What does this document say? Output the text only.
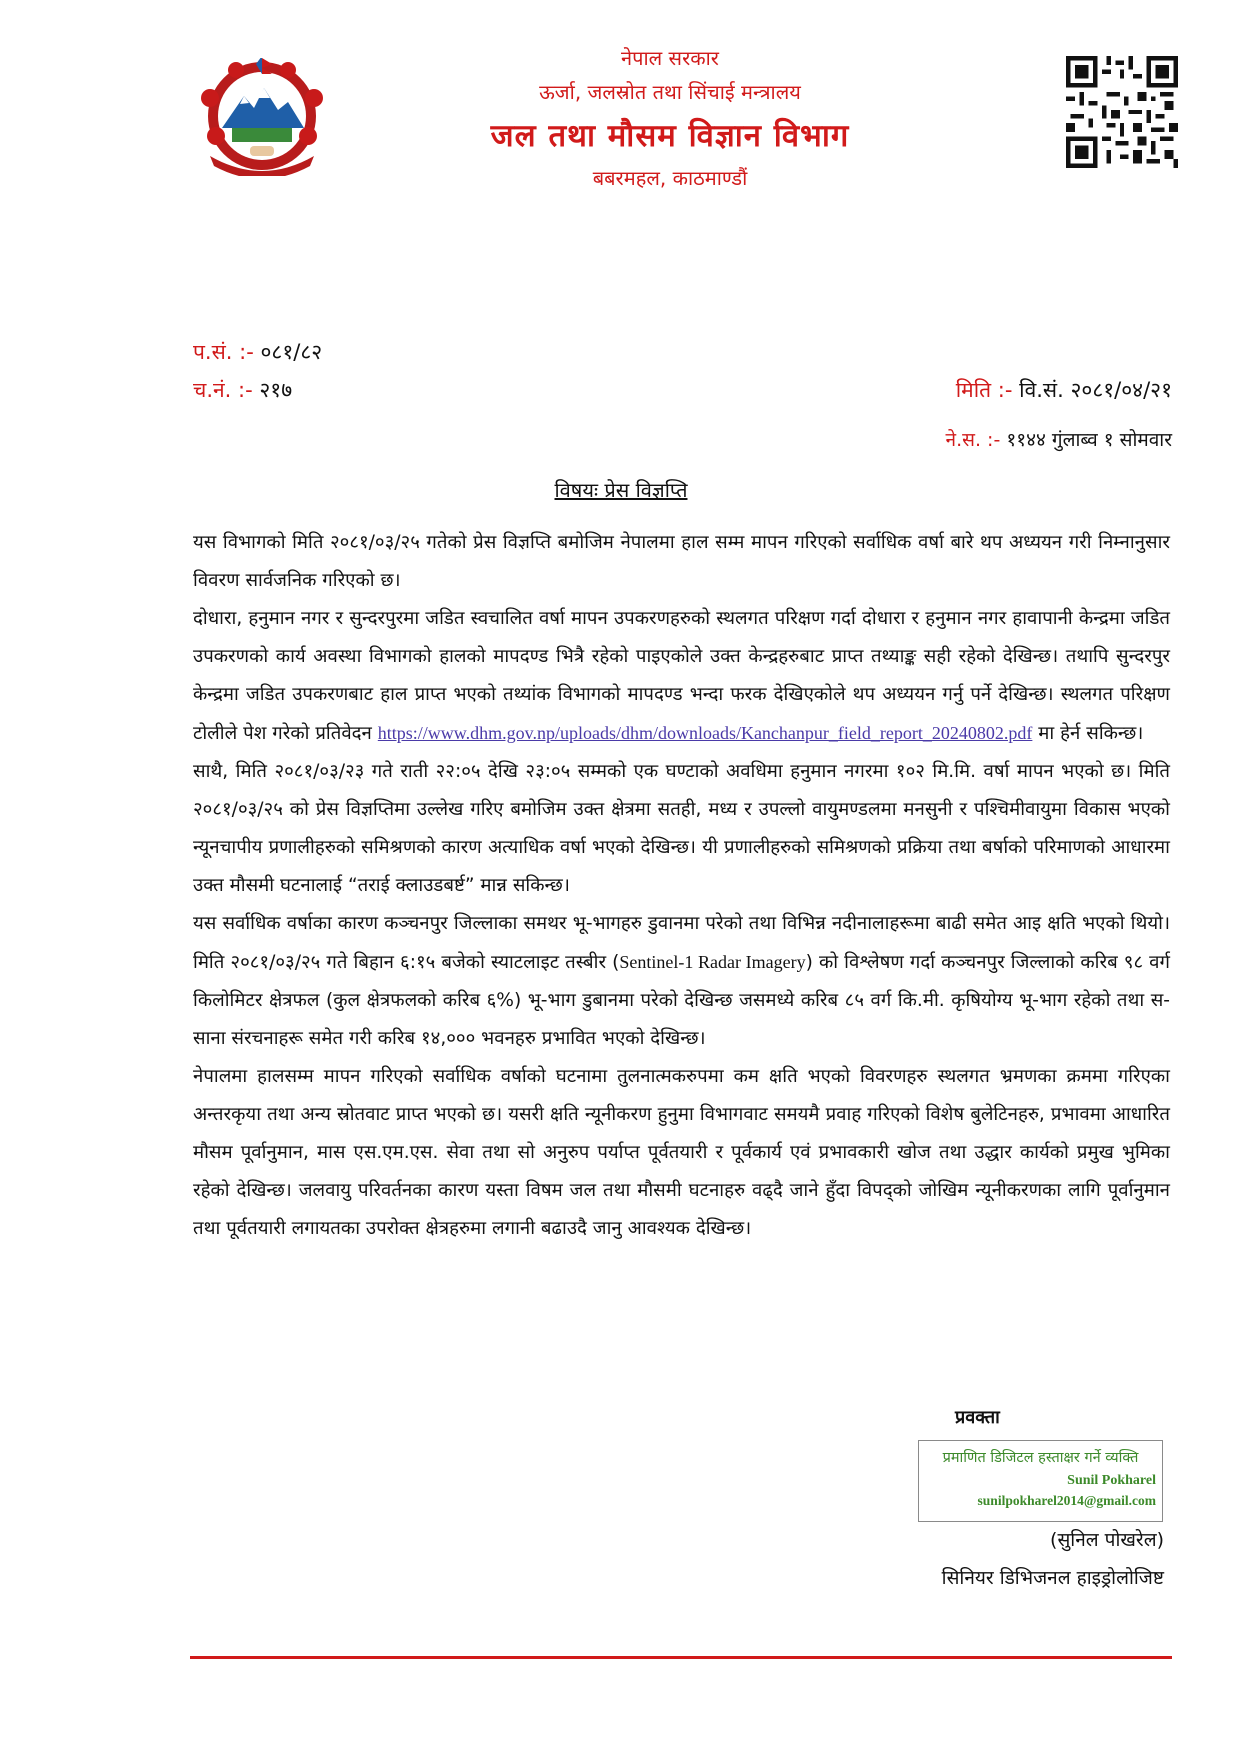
नेपाल सरकार
ऊर्जा, जलस्रोत तथा सिंचाई मन्त्रालय
जल तथा मौसम विज्ञान विभाग
बबरमहल, काठमाण्डौं
प.सं. :- ०८१/८२
च.नं. :- २१७	मिति :- वि.सं. २०८१/०४/२१
ने.स. :- ११४४ गुंलाब्व १ सोमवार
विषयः प्रेस विज्ञप्ति

यस विभागको मिति २०८१/०३/२५ गतेको प्रेस विज्ञप्ति बमोजिम नेपालमा हाल सम्म मापन गरिएको सर्वाधिक वर्षा बारे थप अध्ययन गरी निम्नानुसार विवरण सार्वजनिक गरिएको छ।

दोधारा, हनुमान नगर र सुन्दरपुरमा जडित स्वचालित वर्षा मापन उपकरणहरुको स्थलगत परिक्षण गर्दा दोधारा र हनुमान नगर हावापानी केन्द्रमा जडित उपकरणको कार्य अवस्था विभागको हालको मापदण्ड भित्रै रहेको पाइएकोले उक्त केन्द्रहरुबाट प्राप्त तथ्याङ्क सही रहेको देखिन्छ। तथापि सुन्दरपुर केन्द्रमा जडित उपकरणबाट हाल प्राप्त भएको तथ्यांक विभागको मापदण्ड भन्दा फरक देखिएकोले थप अध्ययन गर्नु पर्ने देखिन्छ। स्थलगत परिक्षण टोलीले पेश गरेको प्रतिवेदन https://www.dhm.gov.np/uploads/dhm/downloads/Kanchanpur_field_report_20240802.pdf मा हेर्न सकिन्छ।

साथै, मिति २०८१/०३/२३ गते राती २२:०५ देखि २३:०५ सम्मको एक घण्टाको अवधिमा हनुमान नगरमा १०२ मि.मि. वर्षा मापन भएको छ। मिति २०८१/०३/२५ को प्रेस विज्ञप्तिमा उल्लेख गरिए बमोजिम उक्त क्षेत्रमा सतही, मध्य र उपल्लो वायुमण्डलमा मनसुनी र पश्चिमीवायुमा विकास भएको न्यूनचापीय प्रणालीहरुको समिश्रणको कारण अत्याधिक वर्षा भएको देखिन्छ। यी प्रणालीहरुको समिश्रणको प्रक्रिया तथा बर्षाको परिमाणको आधारमा उक्त मौसमी घटनालाई “तराई क्लाउडबर्ष्ट” मान्न सकिन्छ।

यस सर्वाधिक वर्षाका कारण कञ्चनपुर जिल्लाका समथर भू-भागहरु डुवानमा परेको तथा विभिन्न नदीनालाहरूमा बाढी समेत आइ क्षति भएको थियो। मिति २०८१/०३/२५ गते बिहान ६:१५ बजेको स्याटलाइट तस्बीर (Sentinel-1 Radar Imagery) को विश्लेषण गर्दा कञ्चनपुर जिल्लाको करिब ९८ वर्ग किलोमिटर क्षेत्रफल (कुल क्षेत्रफलको करिब ६%) भू-भाग डुबानमा परेको देखिन्छ जसमध्ये करिब ८५ वर्ग कि.मी. कृषियोग्य भू-भाग रहेको तथा स-साना संरचनाहरू समेत गरी करिब १४,००० भवनहरु प्रभावित भएको देखिन्छ।

नेपालमा हालसम्म मापन गरिएको सर्वाधिक वर्षाको घटनामा तुलनात्मकरुपमा कम क्षति भएको विवरणहरु स्थलगत भ्रमणका क्रममा गरिएका अन्तरकृया तथा अन्य स्रोतवाट प्राप्त भएको छ। यसरी क्षति न्यूनीकरण हुनुमा विभागवाट समयमै प्रवाह गरिएको विशेष बुलेटिनहरु, प्रभावमा आधारित मौसम पूर्वानुमान, मास एस.एम.एस. सेवा तथा सो अनुरुप पर्याप्त पूर्वतयारी र पूर्वकार्य एवं प्रभावकारी खोज तथा उद्धार कार्यको प्रमुख भुमिका रहेको देखिन्छ। जलवायु परिवर्तनका कारण यस्ता विषम जल तथा मौसमी घटनाहरु वढ्दै जाने हुँदा विपद्को जोखिम न्यूनीकरणका लागि पूर्वानुमान तथा पूर्वतयारी लगायतका उपरोक्त क्षेत्रहरुमा लगानी बढाउदै जानु आवश्यक देखिन्छ।

प्रवक्ता
प्रमाणित डिजिटल हस्ताक्षर गर्ने व्यक्ति
Sunil Pokharel
sunilpokharel2014@gmail.com
(सुनिल पोखरेल)
सिनियर डिभिजनल हाइड्रोलोजिष्ट
